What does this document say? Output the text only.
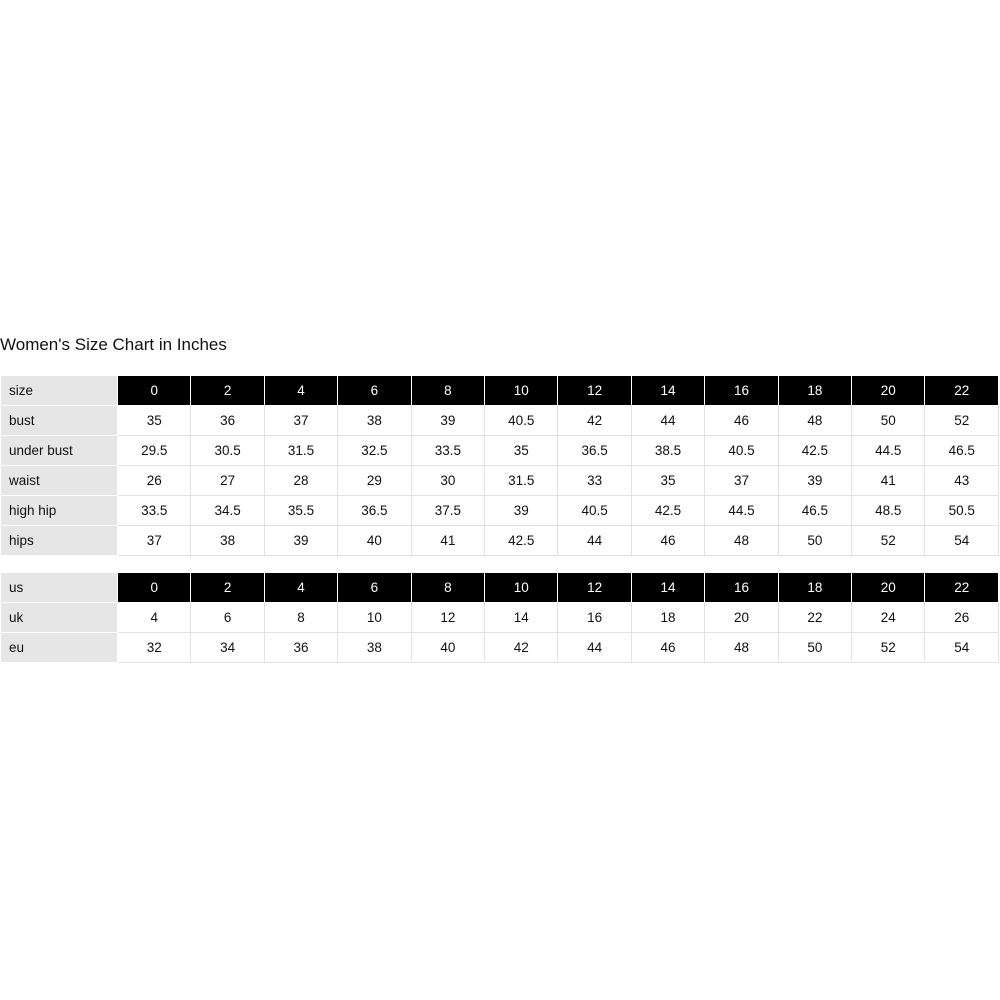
Women's Size Chart in Inches
size	0	2	4	6	8	10	12	14	16	18	20	22
bust	35	36	37	38	39	40.5	42	44	46	48	50	52
under bust	29.5	30.5	31.5	32.5	33.5	35	36.5	38.5	40.5	42.5	44.5	46.5
waist	26	27	28	29	30	31.5	33	35	37	39	41	43
high hip	33.5	34.5	35.5	36.5	37.5	39	40.5	42.5	44.5	46.5	48.5	50.5
hips	37	38	39	40	41	42.5	44	46	48	50	52	54
us	0	2	4	6	8	10	12	14	16	18	20	22
uk	4	6	8	10	12	14	16	18	20	22	24	26
eu	32	34	36	38	40	42	44	46	48	50	52	54
